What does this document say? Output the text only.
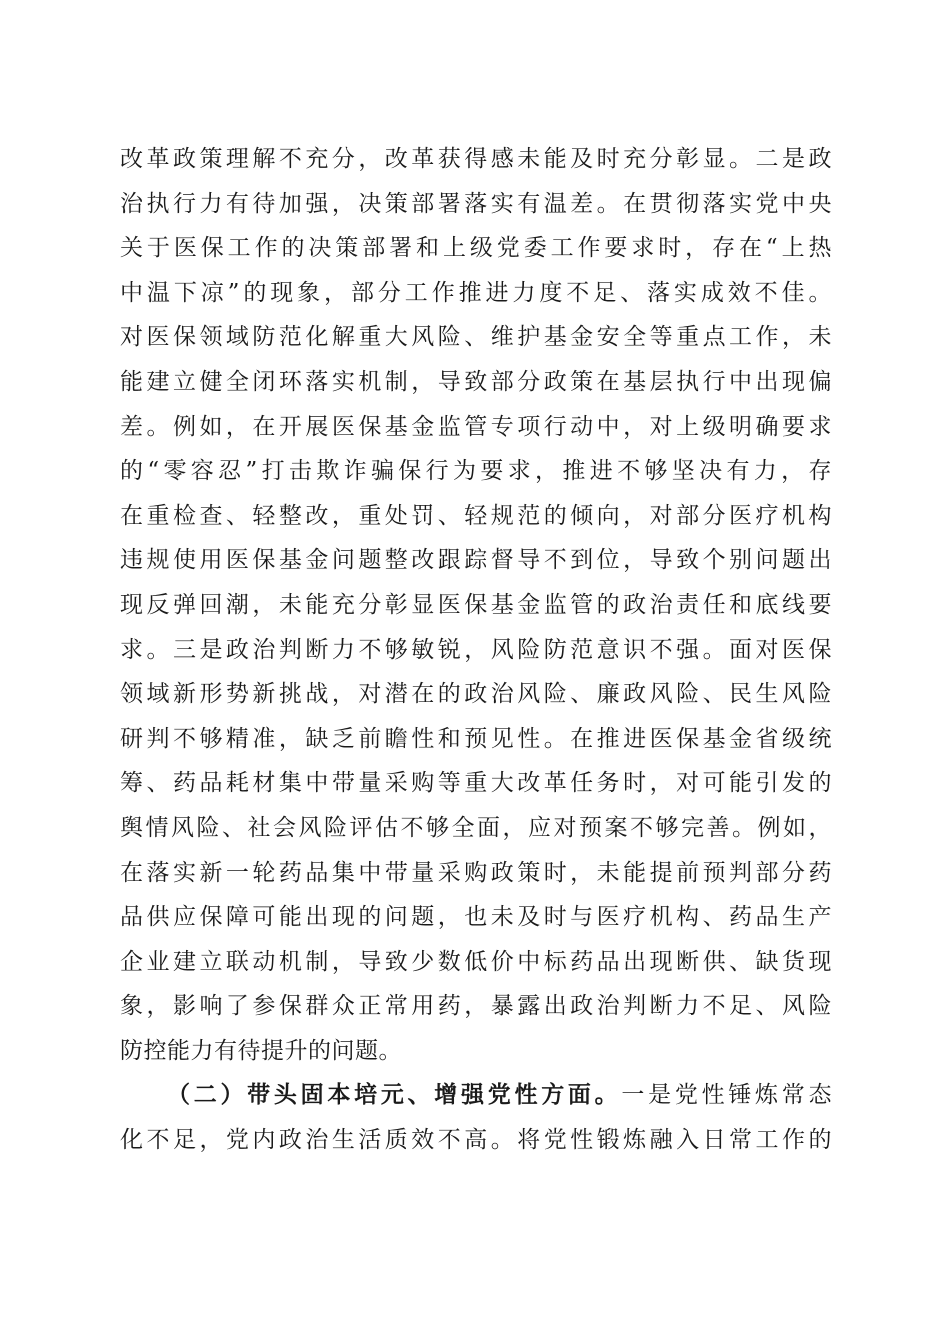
改革政策理解不充分，改革获得感未能及时充分彰显。二是政
治执行力有待加强，决策部署落实有温差。在贯彻落实党中央
关于医保工作的决策部署和上级党委工作要求时，存在“上热
中温下凉”的现象，部分工作推进力度不足、落实成效不佳。
对医保领域防范化解重大风险、维护基金安全等重点工作，未
能建立健全闭环落实机制，导致部分政策在基层执行中出现偏
差。例如，在开展医保基金监管专项行动中，对上级明确要求
的“零容忍”打击欺诈骗保行为要求，推进不够坚决有力，存
在重检查、轻整改，重处罚、轻规范的倾向，对部分医疗机构
违规使用医保基金问题整改跟踪督导不到位，导致个别问题出
现反弹回潮，未能充分彰显医保基金监管的政治责任和底线要
求。三是政治判断力不够敏锐，风险防范意识不强。面对医保
领域新形势新挑战，对潜在的政治风险、廉政风险、民生风险
研判不够精准，缺乏前瞻性和预见性。在推进医保基金省级统
筹、药品耗材集中带量采购等重大改革任务时，对可能引发的
舆情风险、社会风险评估不够全面，应对预案不够完善。例如，
在落实新一轮药品集中带量采购政策时，未能提前预判部分药
品供应保障可能出现的问题，也未及时与医疗机构、药品生产
企业建立联动机制，导致少数低价中标药品出现断供、缺货现
象，影响了参保群众正常用药，暴露出政治判断力不足、风险
防控能力有待提升的问题。
（二）带头固本培元、增强党性方面。一是党性锤炼常态
化不足，党内政治生活质效不高。将党性锻炼融入日常工作的
